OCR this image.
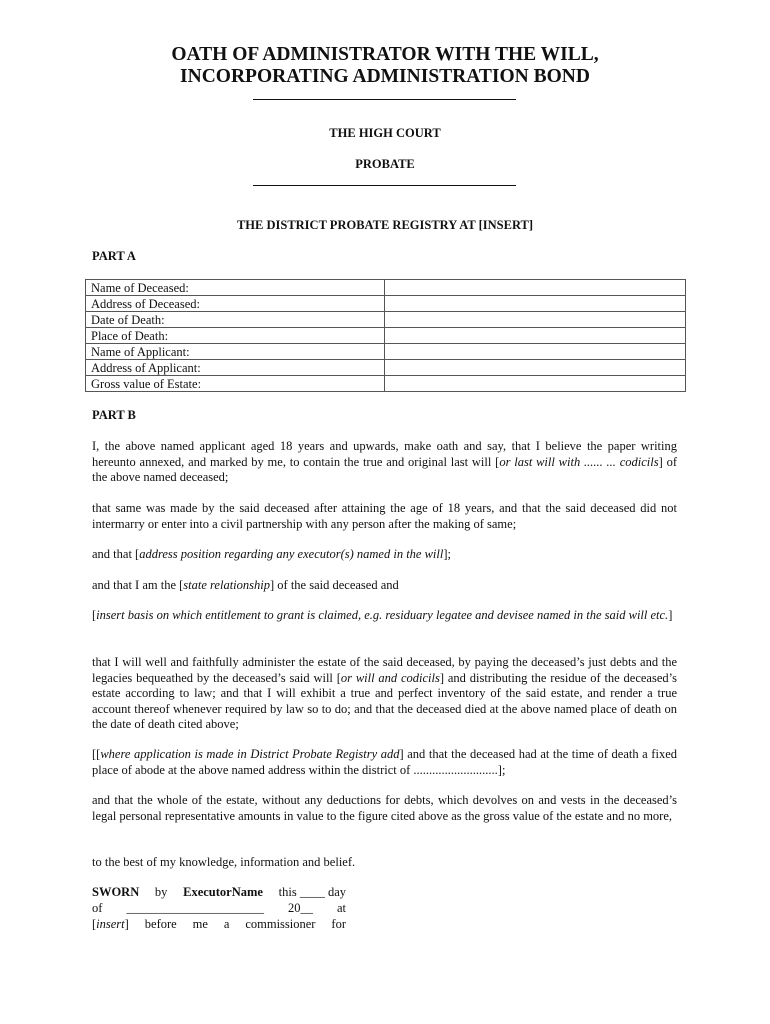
OATH OF ADMINISTRATOR WITH THE WILL,
INCORPORATING ADMINISTRATION BOND
THE HIGH COURT
PROBATE
THE DISTRICT PROBATE REGISTRY AT [INSERT]
PART A
Name of Deceased:	
Address of Deceased:	
Date of Death:	
Place of Death:	
Name of Applicant:	
Address of Applicant:	
Gross value of Estate:	
PART B
I, the above named applicant aged 18 years and upwards, make oath and say, that I believe the paper writing hereunto annexed, and marked by me, to contain the true and original last will [or last will with ...... ... codicils] of the above named deceased;
that same was made by the said deceased after attaining the age of 18 years, and that the said deceased did not intermarry or enter into a civil partnership with any person after the making of same;
and that [address position regarding any executor(s) named in the will];
and that I am the [state relationship] of the said deceased and
[insert basis on which entitlement to grant is claimed, e.g. residuary legatee and devisee named in the said will etc.]
that I will well and faithfully administer the estate of the said deceased, by paying the deceased’s just debts and the legacies bequeathed by the deceased’s said will [or will and codicils] and distributing the residue of the deceased’s estate according to law; and that I will exhibit a true and perfect inventory of the said estate, and render a true account thereof whenever required by law so to do; and that the deceased died at the above named place of death on the date of death cited above;
[[where application is made in District Probate Registry add] and that the deceased had at the time of death a fixed place of abode at the above named address within the district of ...........................];
and that the whole of the estate, without any deductions for debts, which devolves on and vests in the deceased’s legal personal representative amounts in value to the figure cited above as the gross value of the estate and no more,
to the best of my knowledge, information and belief.
SWORN by ExecutorName this ____ day
of ______________________ 20__ at
[insert] before me a commissioner for
